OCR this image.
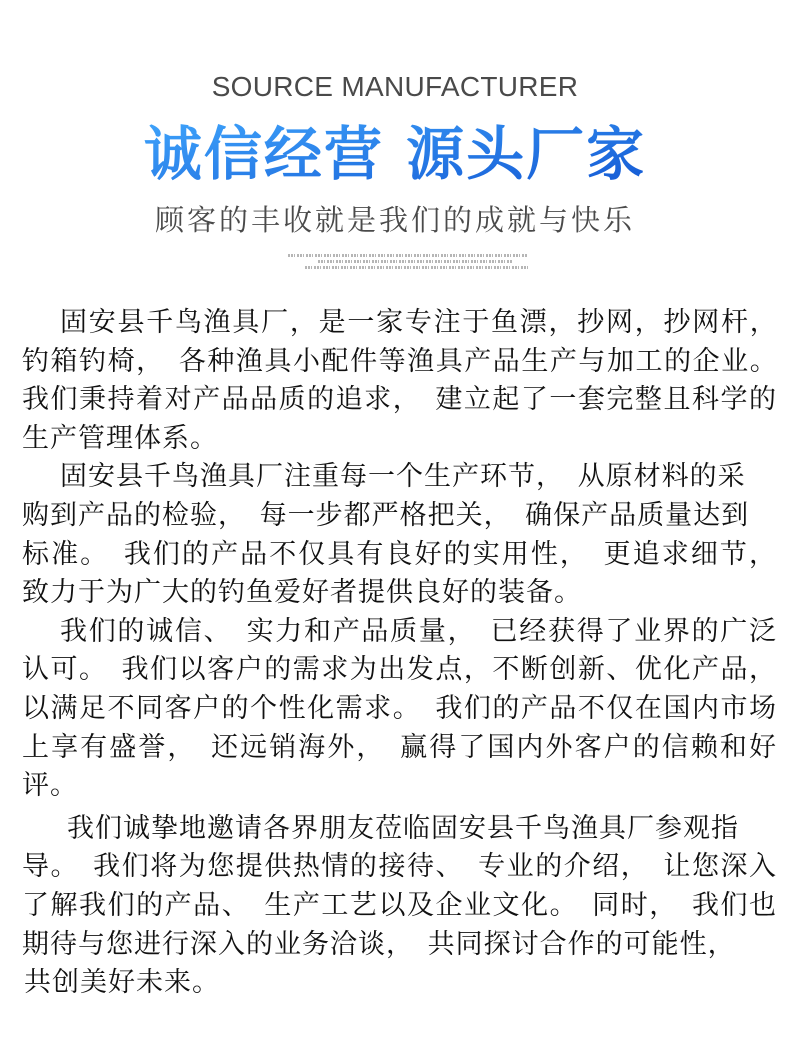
SOURCE MANUFACTURER
诚信经营 源头厂家
顾客的丰收就是我们的成就与快乐
固安县千鸟渔具厂，是一家专注于鱼漂，抄网，抄网杆，
钓箱钓椅， 各种渔具小配件等渔具产品生产与加工的企业。
我们秉持着对产品品质的追求， 建立起了一套完整且科学的
生产管理体系。
固安县千鸟渔具厂注重每一个生产环节， 从原材料的采
购到产品的检验， 每一步都严格把关， 确保产品质量达到
标准。 我们的产品不仅具有良好的实用性， 更追求细节，
致力于为广大的钓鱼爱好者提供良好的装备。
我们的诚信、 实力和产品质量， 已经获得了业界的广泛
认可。 我们以客户的需求为出发点，不断创新、优化产品，
以满足不同客户的个性化需求。 我们的产品不仅在国内市场
上享有盛誉， 还远销海外， 赢得了国内外客户的信赖和好
评。
我们诚挚地邀请各界朋友莅临固安县千鸟渔具厂参观指
导。 我们将为您提供热情的接待、 专业的介绍， 让您深入
了解我们的产品、 生产工艺以及企业文化。 同时， 我们也
期待与您进行深入的业务洽谈， 共同探讨合作的可能性，
共创美好未来。
